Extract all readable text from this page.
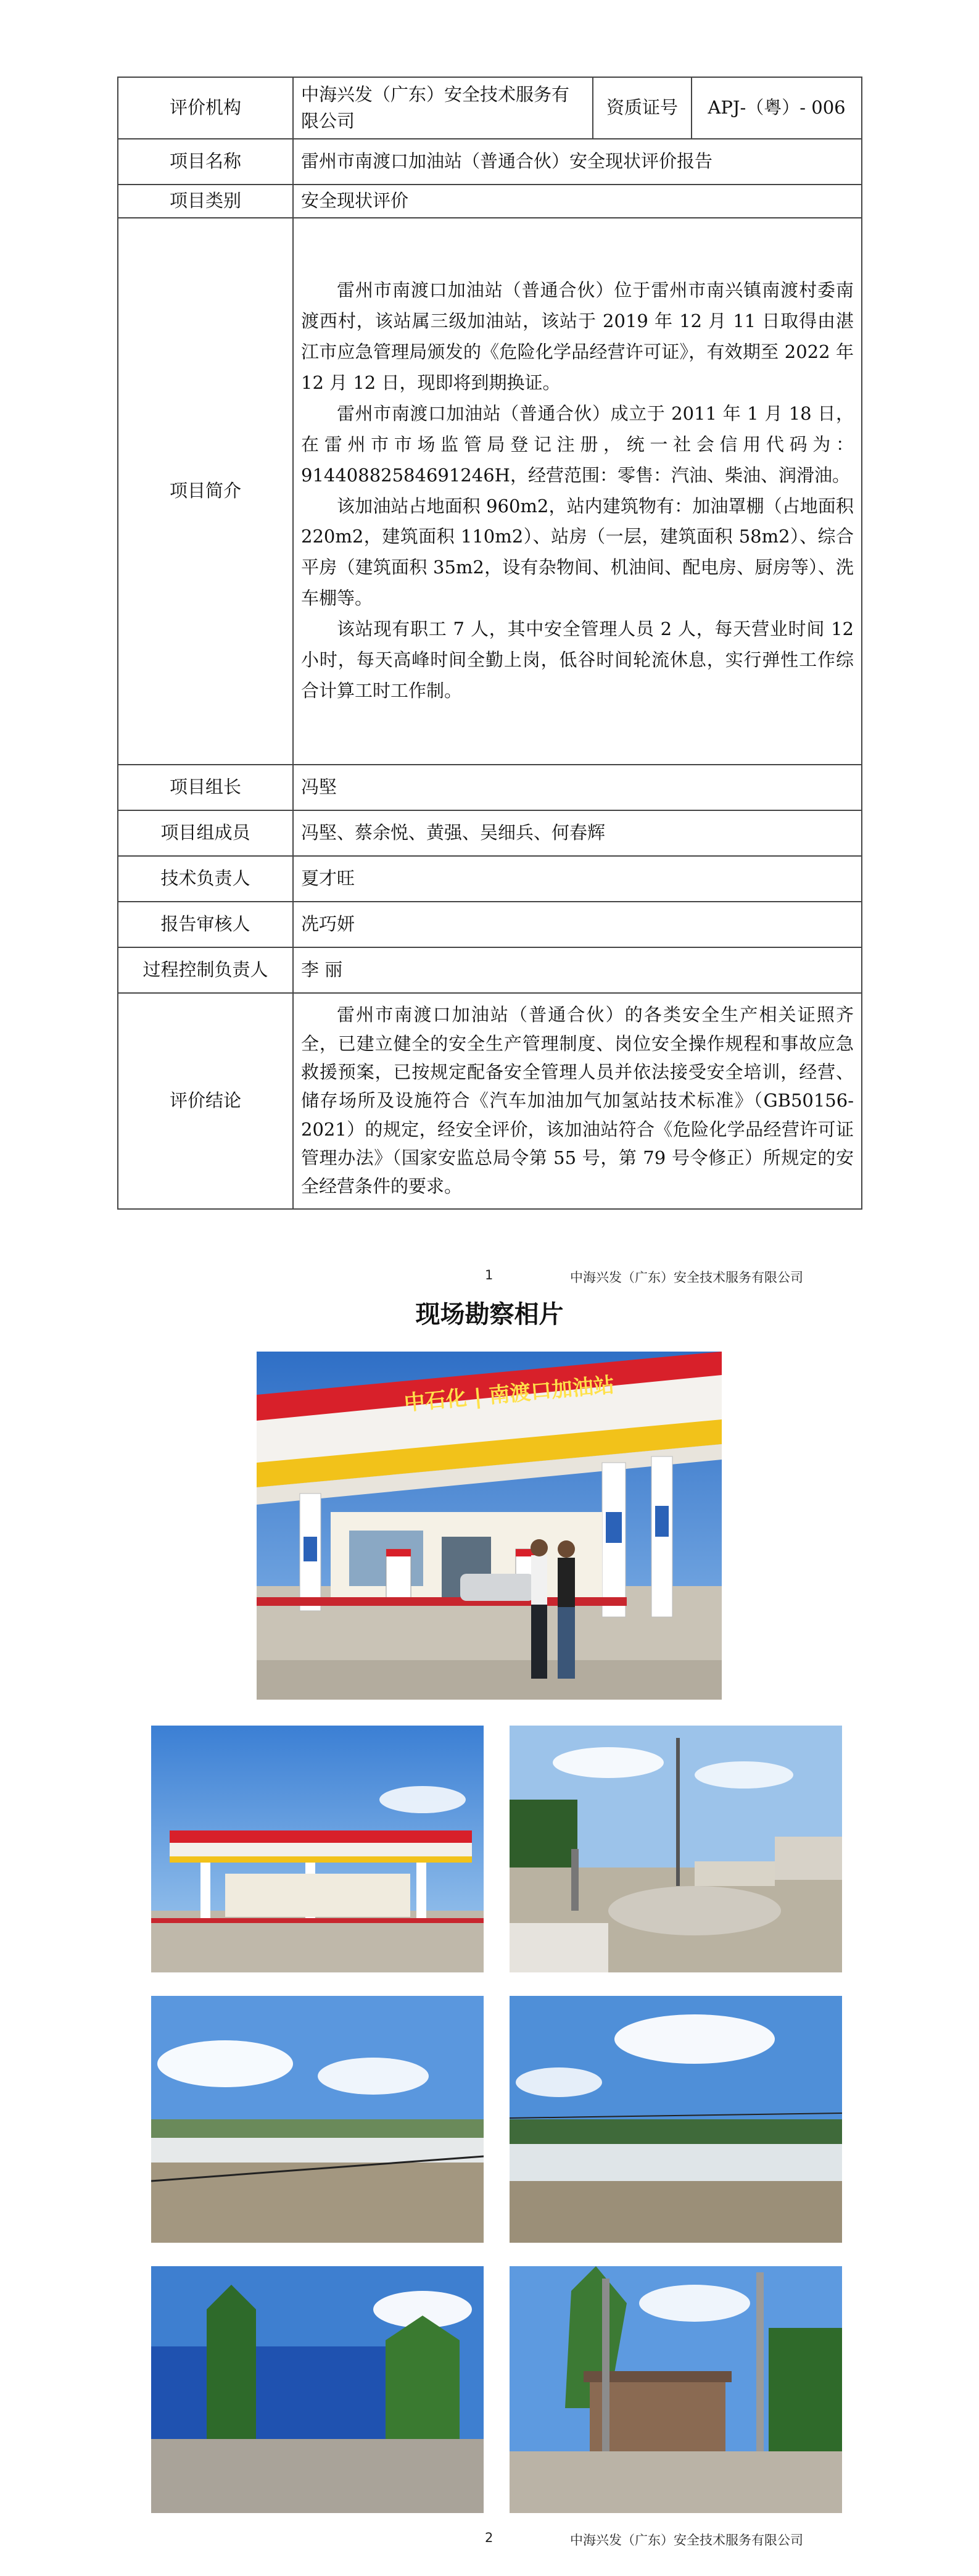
评价机构	中海兴发（广东）安全技术服务有限公司	资质证号	APJ-（粤）- 006
项目名称	雷州市南渡口加油站（普通合伙）安全现状评价报告		
项目类别	安全现状评价		
项目简介	雷州市南渡口加油站（普通合伙）位于雷州市南兴镇南渡村委南渡西村，该站属三级加油站，该站于 2019 年 12 月 11 日取得由湛江市应急管理局颁发的《危险化学品经营许可证》，有效期至 2022 年 12 月 12 日，现即将到期换证。

雷州市南渡口加油站（普通合伙）成立于 2011 年 1 月 18 日，在雷州市市场监管局登记注册，统一社会信用代码为：91440882584691246H，经营范围：零售：汽油、柴油、润滑油。

该加油站占地面积 960m2，站内建筑物有：加油罩棚（占地面积 220m2，建筑面积 110m2）、站房（一层，建筑面积 58m2）、综合平房（建筑面积 35m2，设有杂物间、机油间、配电房、厨房等）、洗车棚等。

该站现有职工 7 人，其中安全管理人员 2 人，每天营业时间 12 小时，每天高峰时间全勤上岗，低谷时间轮流休息，实行弹性工作综合计算工时工作制。		

项目组长	冯堅		
项目组成员	冯堅、蔡余悦、黄强、吴细兵、何春辉		
技术负责人	夏才旺		
报告审核人	冼巧妍		
过程控制负责人	李 丽		
评价结论	雷州市南渡口加油站（普通合伙）的各类安全生产相关证照齐全，已建立健全的安全生产管理制度、岗位安全操作规程和事故应急救援预案，已按规定配备安全管理人员并依法接受安全培训，经营、储存场所及设施符合《汽车加油加气加氢站技术标准》（GB50156-2021）的规定，经安全评价，该加油站符合《危险化学品经营许可证管理办法》（国家安监总局令第 55 号，第 79 号令修正）所规定的安全经营条件的要求。		

1	中海兴发（广东）安全技术服务有限公司
现场勘察相片
中石化 | 南渡口加油站
2	中海兴发（广东）安全技术服务有限公司
